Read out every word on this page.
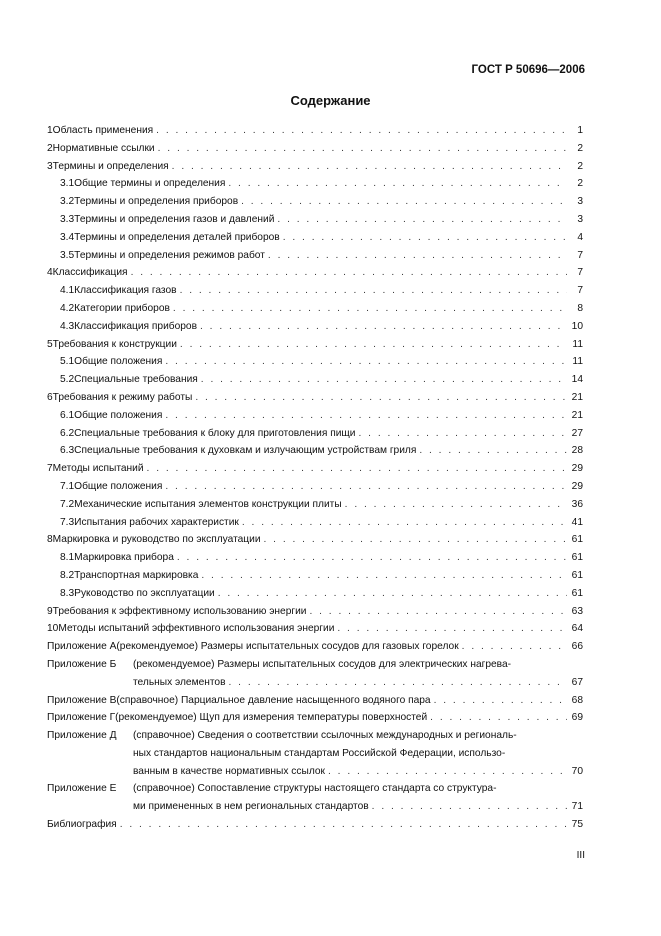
ГОСТ Р 50696—2006
Содержание
1 Область применения . . .	1
2 Нормативные ссылки . . .	2
3 Термины и определения . . .	2
3.1 Общие термины и определения . . .	2
3.2 Термины и определения приборов . . .	3
3.3 Термины и определения газов и давлений . . .	3
3.4 Термины и определения деталей приборов . . .	4
3.5 Термины и определения режимов работ . . .	7
4 Классификация . . .	7
4.1 Классификация газов . . .	7
4.2 Категории приборов . . .	8
4.3 Классификация приборов . . .	10
5 Требования к конструкции . . .	11
5.1 Общие положения . . .	11
5.2 Специальные требования . . .	14
6 Требования к режиму работы . . .	21
6.1 Общие положения . . .	21
6.2 Специальные требования к блоку для приготовления пищи . . .	27
6.3 Специальные требования к духовкам и излучающим устройствам гриля . . .	28
7 Методы испытаний . . .	29
7.1 Общие положения . . .	29
7.2 Механические испытания элементов конструкции плиты . . .	36
7.3 Испытания рабочих характеристик . . .	41
8 Маркировка и руководство по эксплуатации . . .	61
8.1 Маркировка прибора . . .	61
8.2 Транспортная маркировка . . .	61
8.3 Руководство по эксплуатации . . .	61
9 Требования к эффективному использованию энергии . . .	63
10 Методы испытаний эффективного использования энергии . . .	64
Приложение А (рекомендуемое) Размеры испытательных сосудов для газовых горелок . . .	66
Приложение Б	(рекомендуемое) Размеры испытательных сосудов для электрических нагрева-
тельных элементов . . .	67
Приложение В (справочное) Парциальное давление насыщенного водяного пара . . .	68
Приложение Г (рекомендуемое) Щуп для измерения температуры поверхностей . . .	69
Приложение Д	(справочное) Сведения о соответствии ссылочных международных и региональ-
ных стандартов национальным стандартам Российской Федерации, использо-
ванным в качестве нормативных ссылок . . .	70
Приложение Е	(справочное) Сопоставление структуры настоящего стандарта со структура-
ми примененных в нем региональных стандартов . . .	71
Библиография . . .	75
III
